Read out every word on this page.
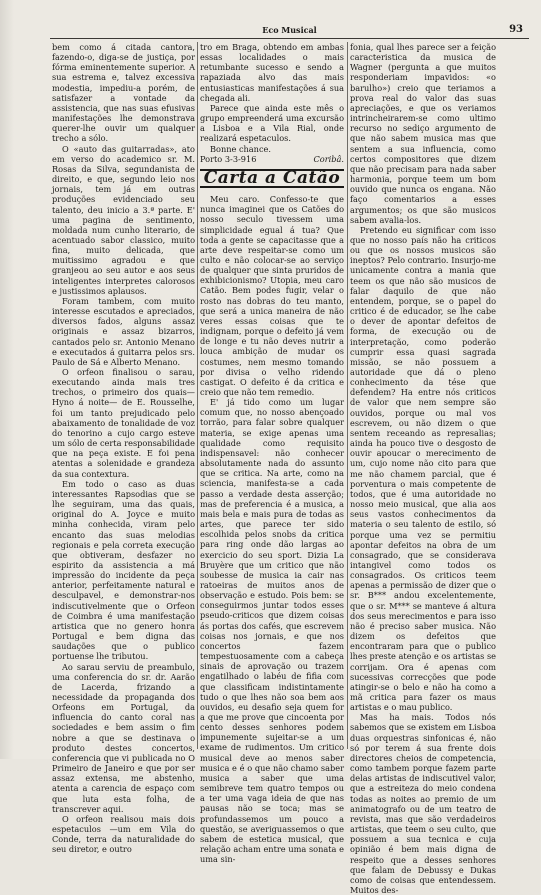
Eco Musical	93

bem como á citada cantora, fazendo-o, diga-se de justiça, por fórma eminentemente superior. A sua estrema e, talvez excessiva modestia, impediu-a porém, de satisfazer a vontade da assistencia, que nas suas efusivas manifestações lhe demonstrava querer-lhe ouvir um qualquer trecho a sólo.

O «auto das guitarradas», ato em verso do academico sr. M. Rosas da Silva, segundanista de direito, e que, segundo leio nos jornais, tem já em outras produções evidenciado seu talento, deu inicio a 3.ª parte. E' uma pagina de sentimento, moldada num cunho literario, de acentuado sabor classico, muito fina, muito delicada, que muitissimo agradou e que granjeou ao seu autor e aos seus inteligentes interpretes calorosos e justissimos aplausos.

Foram tambem, com muito interesse escutados e apreciados, diversos fados, alguns assaz originais e assaz bizarros, cantados pelo sr. Antonio Menano e executados á guitarra pelos srs. Paulo de Sá e Alberto Menano.

O orfeon finalisou o sarau, executando ainda mais tres trechos, o primeiro dos quais—Hyno á noite— de E. Rousselhe, foi um tanto prejudicado pelo abaixamento de tonalidade de voz do tenorino a cujo cargo esteve um sólo de certa responsabilidade que na peça existe. E foi pena atentas a solenidade e grandeza da sua contextura.

Em todo o caso as duas interessantes Rapsodias que se lhe seguiram, uma das quais, original do A. Joyce e muito minha conhecida, viram pelo encanto das suas melodias regionais e pela correta execução que obtiveram, desfazer no espirito da assistencia a má impressão do incidente da peça anterior, perfeitamente natural e desculpavel, e demonstrar-nos indiscutivelmente que o Orfeon de Coimbra é uma manifestação artistica que no genero honra Portugal e bem digna das saudações que o publico portuense lhe tributou.

Ao sarau serviu de preambulo, uma conferencia do sr. dr. Aarão de Lacerda, frizando a necessidade da propaganda dos Orfeons em Portugal, da influencia do canto coral nas sociedades e bem assim o fim nobre a que se destinava o produto destes concertos, conferencia que vi publicada no O Primeiro de Janeiro e que por ser assaz extensa, me abstenho, atenta a carencia de espaço com que luta esta folha, de transcrever aqui.

O orfeon realisou mais dois espetaculos —um em Vila do Conde, terra da naturalidade do seu diretor, e outro

tro em Braga, obtendo em ambas essas localidades o mais retumbante sucesso e sendo a rapaziada alvo das mais entusiasticas manifestações á sua chegada ali.

Parece que ainda este mês o grupo empreenderá uma excursão a Lisboa e a Vila Rial, onde realizará espetaculos.

Bonne chance.

Porto 3-3-916	Coribâ.

Carta a Catão

Meu caro. Confesso-te que nunca imaginei que os Catões do nosso seculo tivessem uma simplicidade egual á tua? Que toda a gente se capacitasse que a arte deve respeitar-se como um culto e não colocar-se ao serviço de qualquer que sinta pruridos de exhibicionismo? Utopia, meu caro Catão. Bem podes fugir, velar o rosto nas dobras do teu manto, que será a unica maneira de não veres essas coisas que te indignam, porque o defeito já vem de longe e tu não deves nutrir a louca ambição de mudar os costumes, nem mesmo tomando por divisa o velho ridendo castigat. O defeito é da critica e creio que não tem remedio.

E' já tido como um lugar comum que, no nosso abençoado torrão, para falar sobre qualquer materia, se exige apenas uma qualidade como requisito indispensavel: não conhecer absolutamente nada do assunto que se critica. Na arte, como na sciencia, manifesta-se a cada passo a verdade desta asserção; mas de preferencia é a musica, a mais bela e mais pura de todas as artes, que parece ter sido escolhida pelos snobs da critica para ring onde dão largas ao exercicio do seu sport. Dizia La Bruyère que um critico que não soubesse de musica ia cair nas ratoeiras de muitos anos de observação e estudo. Pois bem: se conseguirmos juntar todos esses pseudo-criticos que dizem coisas ás portas dos cafés, que escrevem coisas nos jornais, e que nos concertos fazem tempestuosamente com a cabeça sinais de aprovação ou trazem engatilhado o labéu de fifia com que classificam indistintamente tudo o que lhes não soa bem aos ouvidos, eu desafio seja quem for a que me prove que cincoenta por cento desses senhores podem impunemente sujeitar-se a um exame de rudimentos. Um critico musical deve ao menos saber musica e é o que não chamo saber musica a saber que uma semibreve tem quatro tempos ou a ter uma vaga ideia de que nas pausas não se toca; mas se profundassemos um pouco a questão, se averiguassemos o que sabem de estetica musical, que relação acham entre uma sonata e uma sin-

fonia, qual lhes parece ser a feição caracteristica da musica de Wagner (pergunta a que muitos responderiam impavidos: «o barulho») creio que teriamos a prova real do valor das suas apreciações, e que os veriamos intrincheirarem-se como ultimo recurso no sediço argumento de que não sabem musica mas que sentem a sua influencia, como certos compositores que dizem que não precisam para nada saber harmonia, porque teem um bom ouvido que nunca os engana. Não faço comentarios a esses argumentos; os que são musicos sabem avalia-los.

Pretendo eu significar com isso que no nosso país não ha criticos ou que os nossos musicos são ineptos? Pelo contrario. Insurjo-me unicamente contra a mania que teem os que não são musicos de falar daquilo de que não entendem, porque, se o papel do critico é de educador, se lhe cabe o dever de apontar defeitos de forma, de execução ou de interpretação, como poderão cumprir essa quasi sagrada missão, se não possuem a autoridade que dá o pleno conhecimento da tése que defendem? Ha entre nós criticos de valor que nem sempre são ouvidos, porque ou mal vos escrevem, ou não dizem o que sentem receando as represalias; ainda ha pouco tive o desgosto de ouvir apoucar o merecimento de um, cujo nome não cito para que me não chamem parcial, que é porventura o mais competente de todos, que é uma autoridade no nosso meio musical, que alia aos seus vastos conhecimentos da materia o seu talento de estilo, só porque uma vez se permitiu apontar defeitos na obra de um consagrado, que se considerava intangivel como todos os consagrados. Os criticos teem apenas a permissão de dizer que o sr. B*** andou excelentemente, que o sr. M*** se manteve á altura dos seus merecimentos e para isso não é preciso saber musica. Não dizem os defeitos que encontraram para que o publico lhes preste atenção e os artistas se corrijam. Ora é apenas com sucessivas correcções que pode atingir-se o belo e não ha como a mã critica para fazer os maus artistas e o mau publico.

Mas ha mais. Todos nós sabemos que se existem em Lisboa duas orquestras sinfonicas é, não só por terem á sua frente dois directores cheios de competencia, como tambem porque fazem parte delas artistas de indiscutivel valor, que a estreiteza do meio condena todas as noites ao premio de um animatografo ou de um teatro de revista, mas que são verdadeiros artistas, que teem o seu culto, que possuem a sua tecnica e cuja opinião é bem mais digna de respeito que a desses senhores que falam de Debussy e Dukas como de coisas que entendessem. Muitos des-
